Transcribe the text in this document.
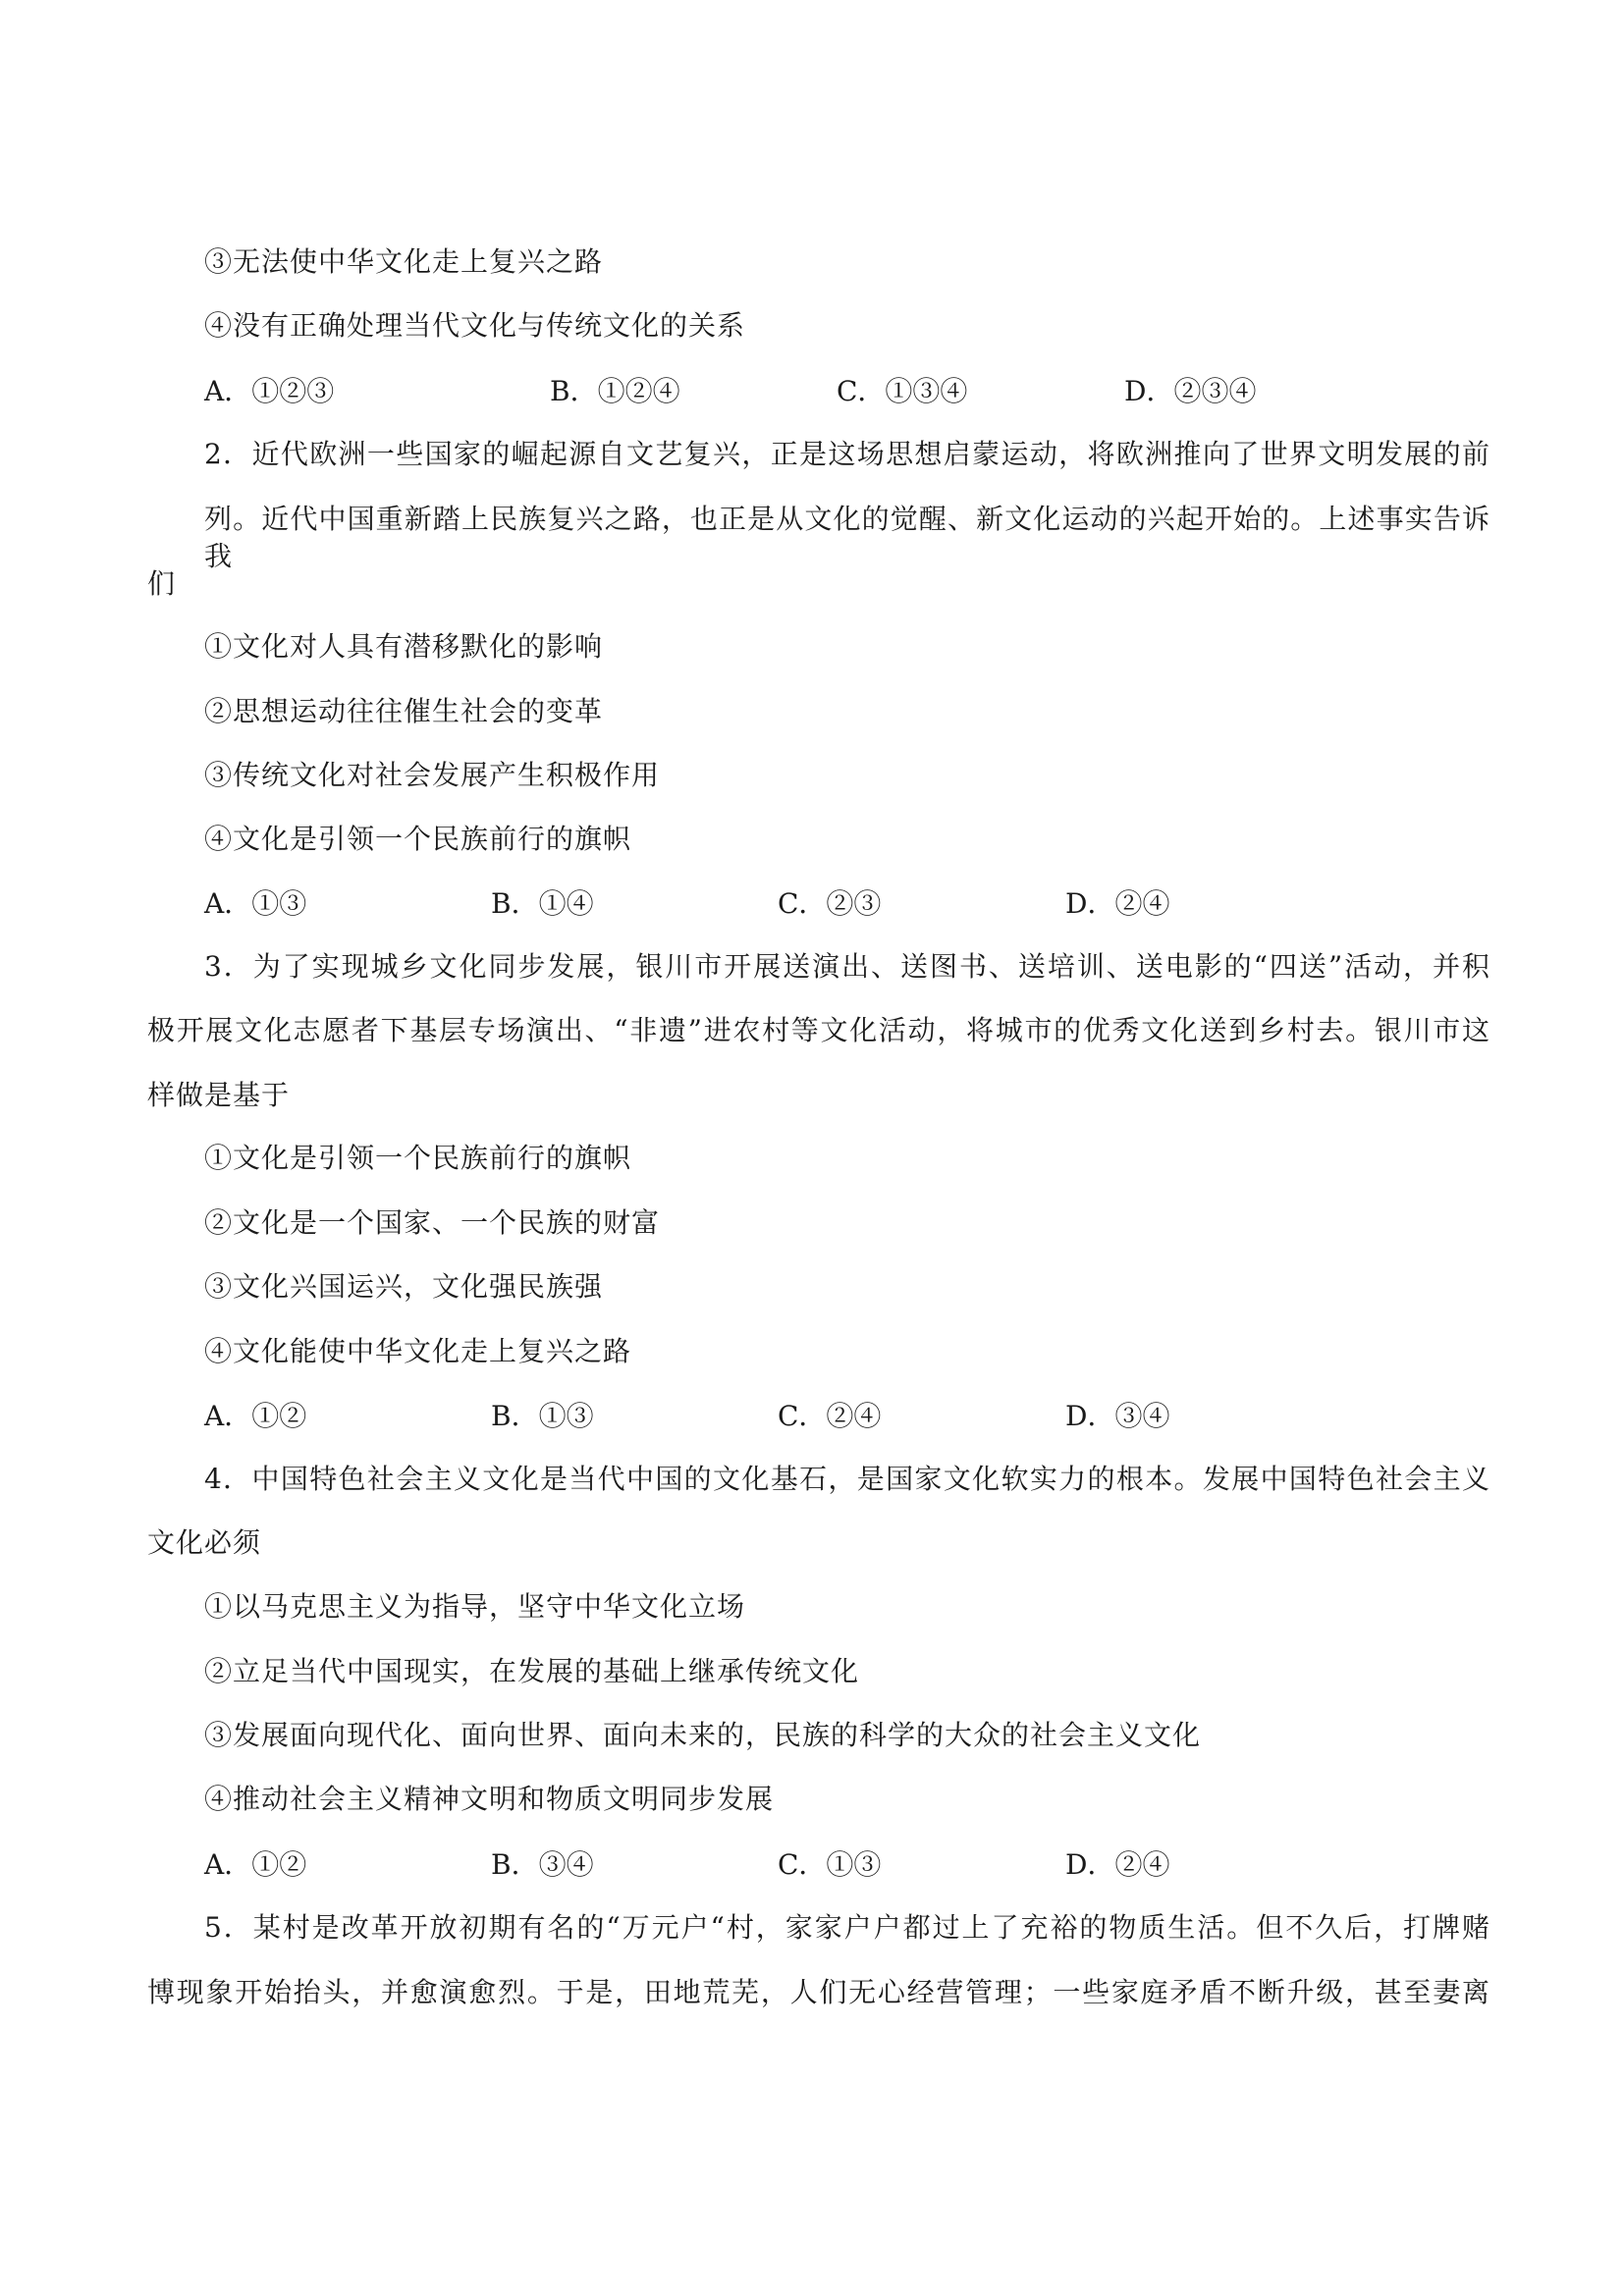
③无法使中华文化走上复兴之路
④没有正确处理当代文化与传统文化的关系
A．①②③	B．①②④	C．①③④	D．②③④
2．近代欧洲一些国家的崛起源自文艺复兴，正是这场思想启蒙运动，将欧洲推向了世界文明发展的前
列。近代中国重新踏上民族复兴之路，也正是从文化的觉醒、新文化运动的兴起开始的。上述事实告诉我
们
①文化对人具有潜移默化的影响
②思想运动往往催生社会的变革
③传统文化对社会发展产生积极作用
④文化是引领一个民族前行的旗帜
A．①③	B．①④	C．②③	D．②④
3．为了实现城乡文化同步发展，银川市开展送演出、送图书、送培训、送电影的“四送”活动，并积
极开展文化志愿者下基层专场演出、“非遗”进农村等文化活动，将城市的优秀文化送到乡村去。银川市这
样做是基于
①文化是引领一个民族前行的旗帜
②文化是一个国家、一个民族的财富
③文化兴国运兴，文化强民族强
④文化能使中华文化走上复兴之路
A．①②	B．①③	C．②④	D．③④
4．中国特色社会主义文化是当代中国的文化基石，是国家文化软实力的根本。发展中国特色社会主义
文化必须
①以马克思主义为指导，坚守中华文化立场
②立足当代中国现实，在发展的基础上继承传统文化
③发展面向现代化、面向世界、面向未来的，民族的科学的大众的社会主义文化
④推动社会主义精神文明和物质文明同步发展
A．①②	B．③④	C．①③	D．②④
5．某村是改革开放初期有名的“万元户“村，家家户户都过上了充裕的物质生活。但不久后，打牌赌
博现象开始抬头，并愈演愈烈。于是，田地荒芜，人们无心经营管理；一些家庭矛盾不断升级，甚至妻离
